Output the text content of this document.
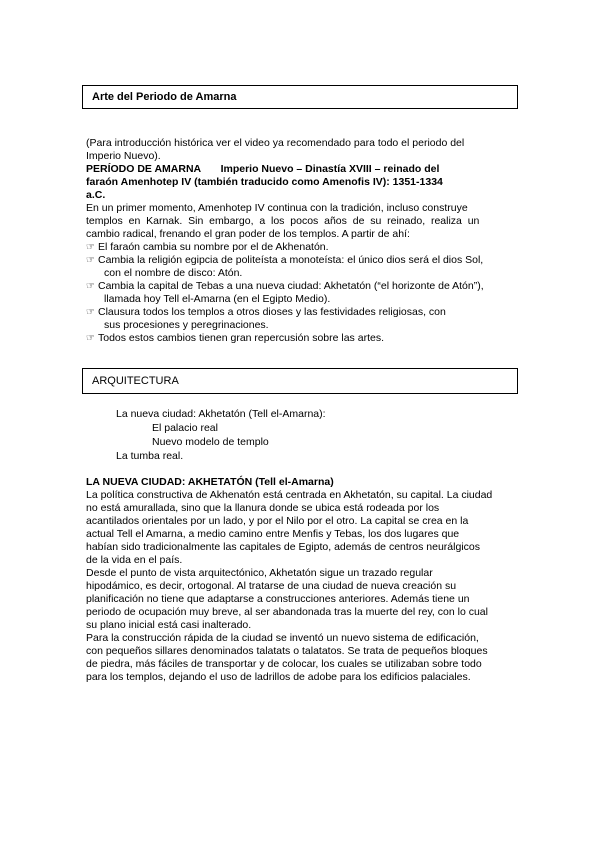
Arte del Periodo de Amarna
(Para introducción histórica ver el video ya recomendado para todo el periodo del
Imperio Nuevo).
PERÍODO DE AMARNA Imperio Nuevo – Dinastía XVIII – reinado del
faraón Amenhotep IV (también traducido como Amenofis IV): 1351-1334
a.C.
En un primer momento, Amenhotep IV continua con la tradición, incluso construye
templos  en  Karnak.  Sin  embargo,  a  los  pocos  años  de  su  reinado,  realiza  un
cambio radical, frenando el gran poder de los templos. A partir de ahí:
☞ El faraón cambia su nombre por el de Akhenatón.
☞ Cambia la religión egipcia de politeísta a monoteísta: el único dios será el dios Sol,
con el nombre de disco: Atón.
☞ Cambia la capital de Tebas a una nueva ciudad: Akhetatón (“el horizonte de Atón”),
llamada hoy Tell el-Amarna (en el Egipto Medio).
☞ Clausura todos los templos a otros dioses y las festividades religiosas, con
sus procesiones y peregrinaciones.
☞ Todos estos cambios tienen gran repercusión sobre las artes.
ARQUITECTURA
La nueva ciudad: Akhetatón (Tell el-Amarna):
El palacio real
Nuevo modelo de templo
La tumba real.
LA NUEVA CIUDAD: AKHETATÓN (Tell el-Amarna)
La política constructiva de Akhenatón está centrada en Akhetatón, su capital. La ciudad
no está amurallada, sino que la llanura donde se ubica está rodeada por los
acantilados orientales por un lado, y por el Nilo por el otro. La capital se crea en la
actual Tell el Amarna, a medio camino entre Menfis y Tebas, los dos lugares que
habían sido tradicionalmente las capitales de Egipto, además de centros neurálgicos
de la vida en el país.
Desde el punto de vista arquitectónico, Akhetatón sigue un trazado regular
hipodámico, es decir, ortogonal. Al tratarse de una ciudad de nueva creación su
planificación no tiene que adaptarse a construcciones anteriores. Además tiene un
periodo de ocupación muy breve, al ser abandonada tras la muerte del rey, con lo cual
su plano inicial está casi inalterado.
Para la construcción rápida de la ciudad se inventó un nuevo sistema de edificación,
con pequeños sillares denominados talatats o talatatos. Se trata de pequeños bloques
de piedra, más fáciles de transportar y de colocar, los cuales se utilizaban sobre todo
para los templos, dejando el uso de ladrillos de adobe para los edificios palaciales.
